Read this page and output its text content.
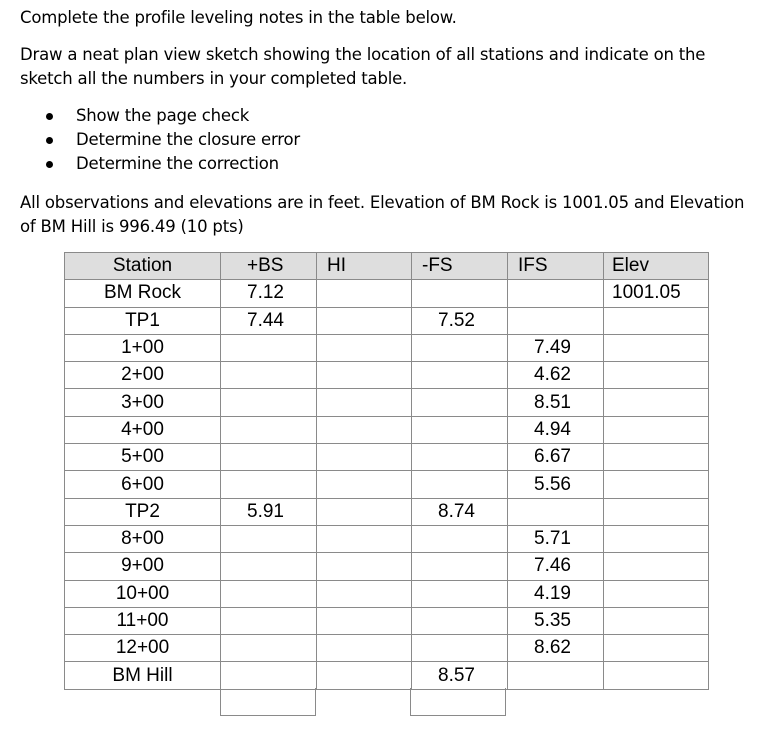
Complete the profile leveling notes in the table below.

Draw a neat plan view sketch showing the location of all stations and indicate on the

sketch all the numbers in your completed table.

Show the page check
Determine the closure error
Determine the correction

All observations and elevations are in feet. Elevation of BM Rock is 1001.05 and Elevation

of BM Hill is 996.49 (10 pts)

Station	+BS	HI	-FS	IFS	Elev
BM Rock	7.12				1001.05
TP1	7.44		7.52		
1+00				7.49	
2+00				4.62	
3+00				8.51	
4+00				4.94	
5+00				6.67	
6+00				5.56	
TP2	5.91		8.74		
8+00				5.71	
9+00				7.46	
10+00				4.19	
11+00				5.35	
12+00				8.62	
BM Hill			8.57		
